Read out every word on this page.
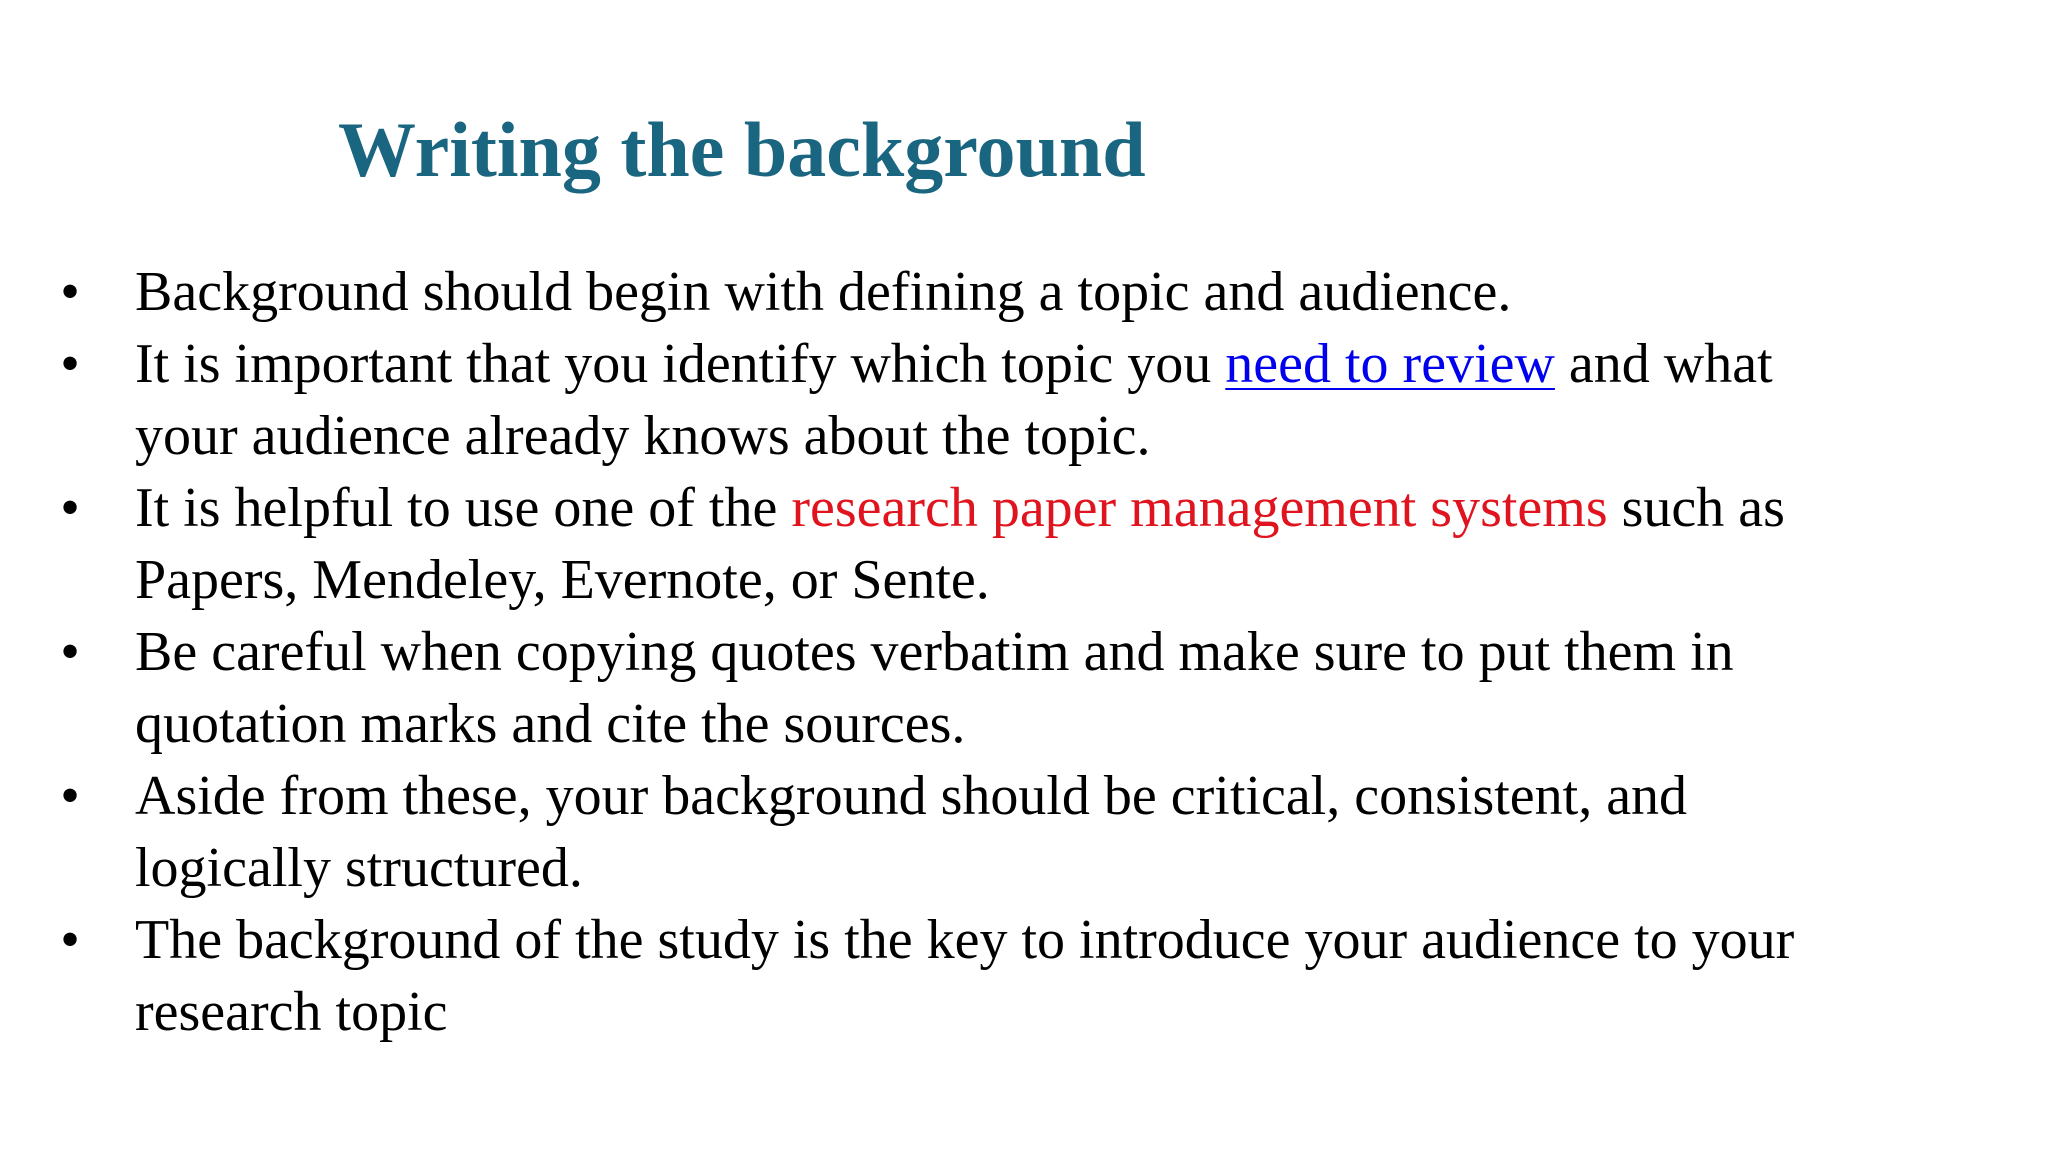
Writing the background
• Background should begin with defining a topic and audience.
• It is important that you identify which topic you need to review and what
your audience already knows about the topic.
• It is helpful to use one of the research paper management systems such as
Papers, Mendeley, Evernote, or Sente.
• Be careful when copying quotes verbatim and make sure to put them in
quotation marks and cite the sources.
• Aside from these, your background should be critical, consistent, and
logically structured.
• The background of the study is the key to introduce your audience to your
research topic
